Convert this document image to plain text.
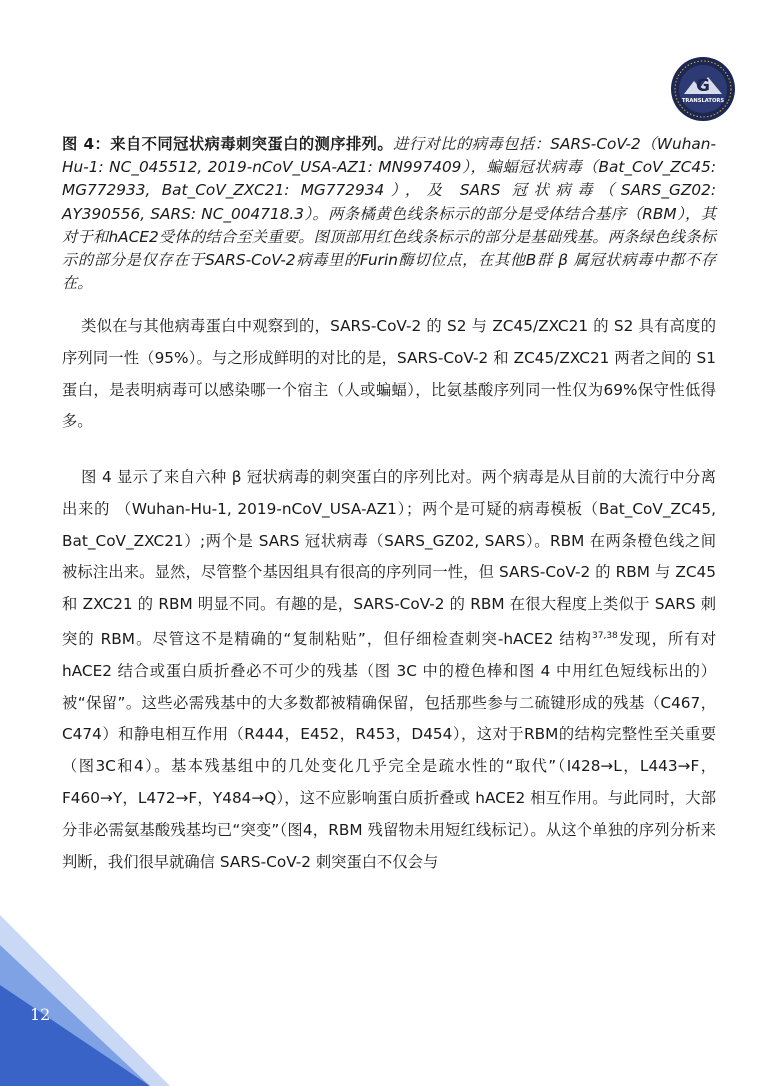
G
TRANSLATORS
图 4：来自不同冠状病毒刺突蛋白的测序排列。进行对比的病毒包括：SARS-CoV-2（Wuhan-Hu-1: NC_045512, 2019-nCoV_USA-AZ1: MN997409），蝙蝠冠状病毒（Bat_CoV_ZC45: MG772933, Bat_CoV_ZXC21: MG772934），及 SARS 冠状病毒（SARS_GZ02: AY390556, SARS: NC_004718.3）。两条橘黄色线条标示的部分是受体结合基序（RBM），其对于和hACE2受体的结合至关重要。图顶部用红色线条标示的部分是基础残基。两条绿色线条标示的部分是仅存在于SARS-CoV-2病毒里的Furin酶切位点，在其他Β群 β 属冠状病毒中都不存在。

类似在与其他病毒蛋白中观察到的，SARS-CoV-2 的 S2 与 ZC45/ZXC21 的 S2 具有高度的序列同一性（95%）。与之形成鲜明的对比的是，SARS-CoV-2 和 ZC45/ZXC21 两者之间的 S1 蛋白，是表明病毒可以感染哪一个宿主（人或蝙蝠），比氨基酸序列同一性仅为69%保守性低得多。

图 4 显示了来自六种 β 冠状病毒的刺突蛋白的序列比对。两个病毒是从目前的大流行中分离出来的 （Wuhan-Hu-1, 2019-nCoV_USA-AZ1）；两个是可疑的病毒模板（Bat_CoV_ZC45, Bat_CoV_ZXC21）;两个是 SARS 冠状病毒（SARS_GZ02, SARS）。RBM 在两条橙色线之间被标注出来。显然，尽管整个基因组具有很高的序列同一性，但 SARS-CoV-2 的 RBM 与 ZC45 和 ZXC21 的 RBM 明显不同。有趣的是，SARS-CoV-2 的 RBM 在很大程度上类似于 SARS 刺突的 RBM。尽管这不是精确的“复制粘贴”，但仔细检查刺突-hACE2 结构$^{37,38}$发现，所有对 hACE2 结合或蛋白质折叠必不可少的残基（图 3C 中的橙色棒和图 4 中用红色短线标出的）被“保留”。这些必需残基中的大多数都被精确保留，包括那些参与二硫键形成的残基（C467，C474）和静电相互作用（R444，E452，R453，D454），这对于RBM的结构完整性至关重要（图3C和4）。基本残基组中的几处变化几乎完全是疏水性的“取代”（I428→L，L443→F，F460→Y，L472→F，Y484→Q），这不应影响蛋白质折叠或 hACE2 相互作用。与此同时，大部分非必需氨基酸残基均已“突变”（图4，RBM 残留物未用短红线标记）。从这个单独的序列分析来判断，我们很早就确信 SARS-CoV-2 刺突蛋白不仅会与

12
